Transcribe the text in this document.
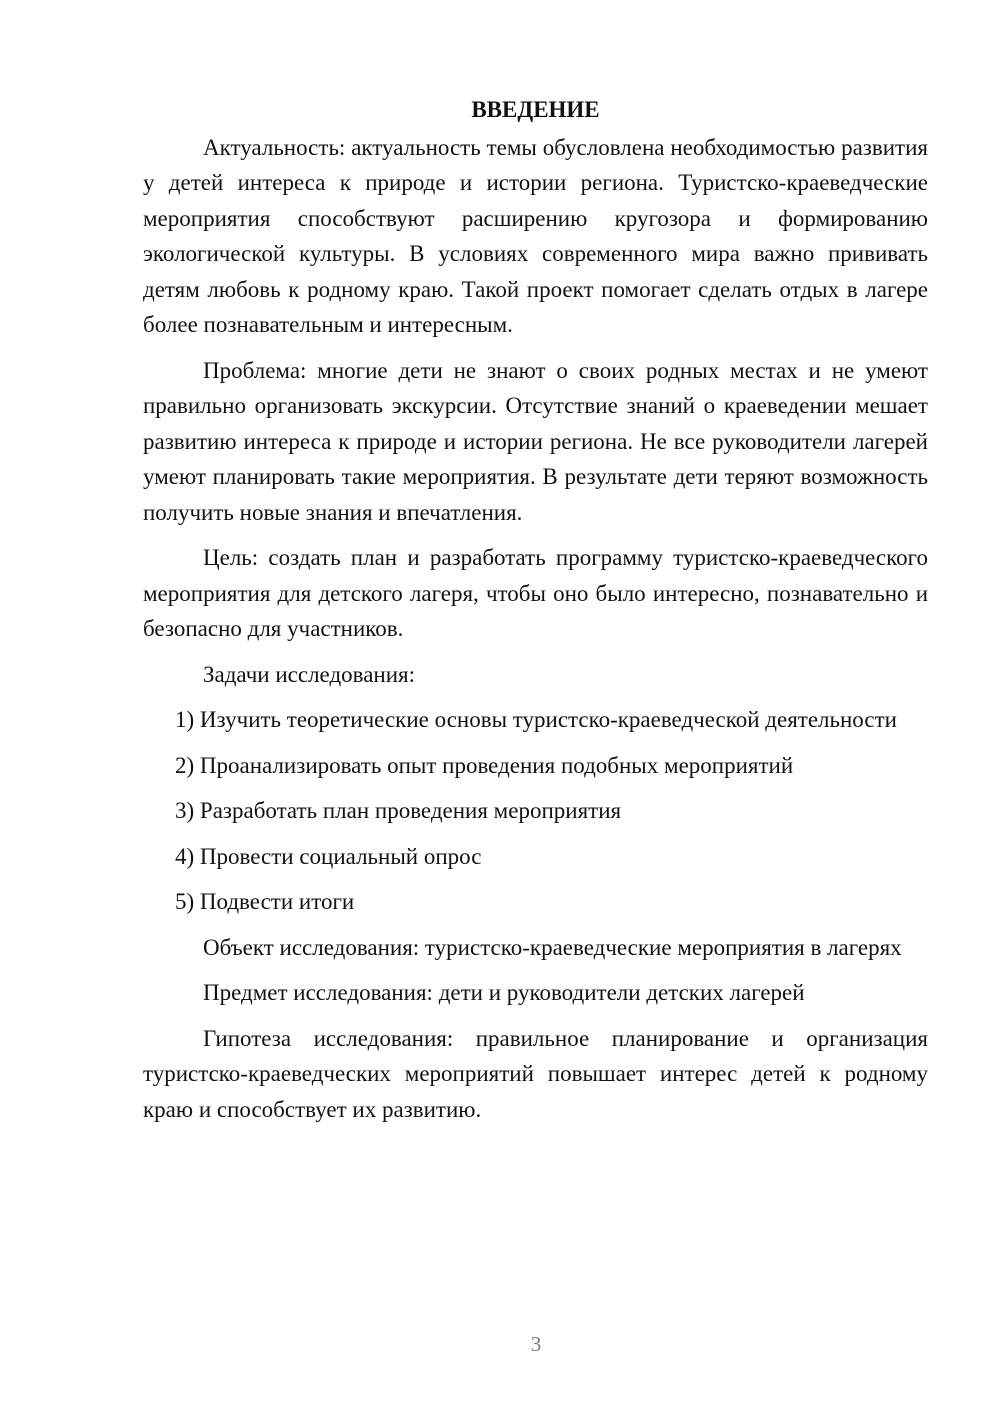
ВВЕДЕНИЕ

Актуальность: актуальность темы обусловлена необходимостью развития у детей интереса к природе и истории региона. Туристско-краеведческие мероприятия способствуют расширению кругозора и формированию экологической культуры. В условиях современного мира важно прививать детям любовь к родному краю. Такой проект помогает сделать отдых в лагере более познавательным и интересным.

Проблема: многие дети не знают о своих родных местах и не умеют правильно организовать экскурсии. Отсутствие знаний о краеведении мешает развитию интереса к природе и истории региона. Не все руководители лагерей умеют планировать такие мероприятия. В результате дети теряют возможность получить новые знания и впечатления.

Цель: создать план и разработать программу туристско-краеведческого мероприятия для детского лагеря, чтобы оно было интересно, познавательно и безопасно для участников.

Задачи исследования:

1) Изучить теоретические основы туристско-краеведческой деятельности

2) Проанализировать опыт проведения подобных мероприятий

3) Разработать план проведения мероприятия

4) Провести социальный опрос

5) Подвести итоги

Объект исследования: туристско-краеведческие мероприятия в лагерях

Предмет исследования: дети и руководители детских лагерей

Гипотеза исследования: правильное планирование и организация туристско-краеведческих мероприятий повышает интерес детей к родному краю и способствует их развитию.

3
